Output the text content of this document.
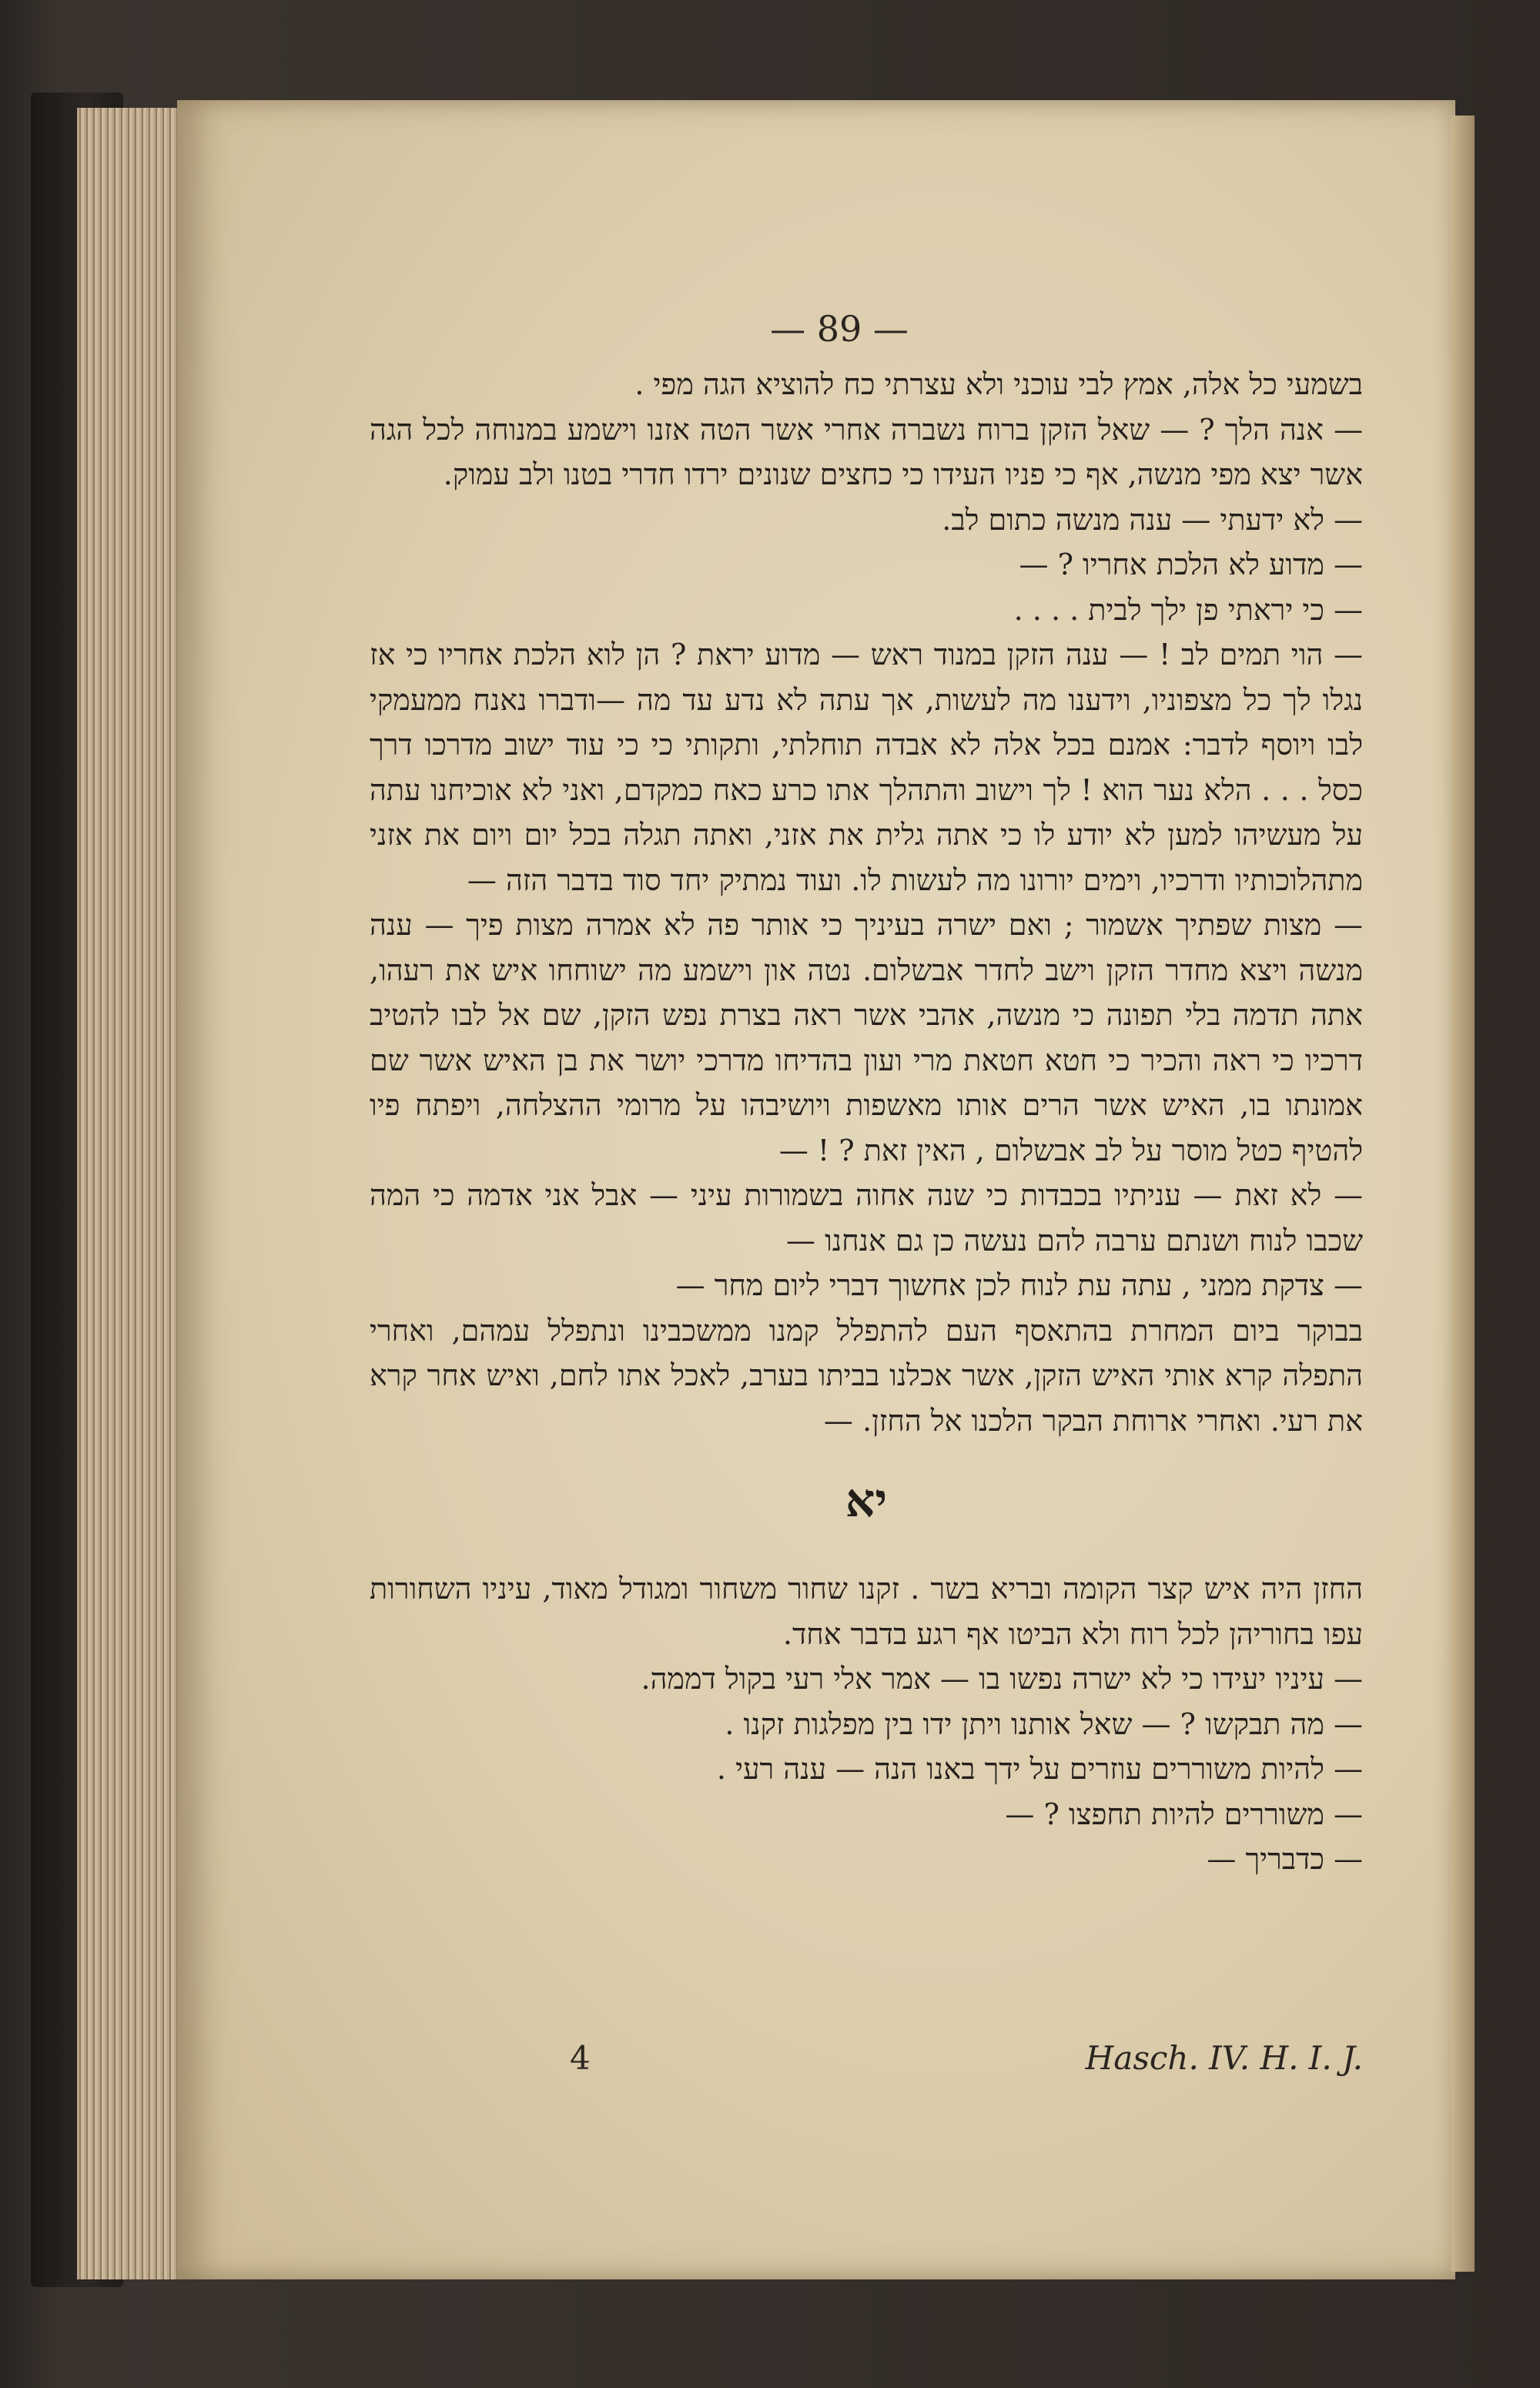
— 89 —

בשמעי כל אלה, אמץ לבי עוכני ולא עצרתי כח להוציא הגה מפי .

— אנה הלך ? — שאל הזקן ברוח נשברה אחרי אשר הטה אזנו וישמע במנוחה לכל הגה אשר יצא מפי מנשה, אף כי פניו העידו כי כחצים שנונים ירדו חדרי בטנו ולב עמוק.

— לא ידעתי — ענה מנשה כתום לב.

— מדוע לא הלכת אחריו ? —

— כי יראתי פן ילך לבית . . . .

— הוי תמים לב ! — ענה הזקן במנוד ראש — מדוע יראת ? הן לוא הלכת אחריו כי אז נגלו לך כל מצפוניו, וידענו מה לעשות, אך עתה לא נדע עד מה —ודברו נאנח ממעמקי לבו ויוסף לדבר: אמנם בכל אלה לא אבדה תוחלתי, ותקותי כי כי עוד ישוב מדרכו דרך כסל . . . הלא נער הוא ! לך וישוב והתהלך אתו כרע כאח כמקדם, ואני לא אוכיחנו עתה על מעשיהו למען לא יודע לו כי אתה גלית את אזני, ואתה תגלה בכל יום ויום את אזני מתהלוכותיו ודרכיו, וימים יורונו מה לעשות לו. ועוד נמתיק יחד סוד בדבר הזה —

— מצות שפתיך אשמור ; ואם ישרה בעיניך כי אותר פה לא אמרה מצות פיך — ענה מנשה ויצא מחדר הזקן וישב לחדר אבשלום. נטה און וישמע מה ישוחחו איש את רעהו, אתה תדמה בלי תפונה כי מנשה, אהבי אשר ראה בצרת נפש הזקן, שם אל לבו להטיב דרכיו כי ראה והכיר כי חטא חטאת מרי ועון בהדיחו מדרכי יושר את בן האיש אשר שם אמונתו בו, האיש אשר הרים אותו מאשפות ויושיבהו על מרומי ההצלחה, ויפתח פיו להטיף כטל מוסר על לב אבשלום , האין זאת ? ! —

— לא זאת — עניתיו בכבדות כי שנה אחוה בשמורות עיני — אבל אני אדמה כי המה שכבו לנוח ושנתם ערבה להם נעשה כן גם אנחנו —

— צדקת ממני , עתה עת לנוח לכן אחשוך דברי ליום מחר —

בבוקר ביום המחרת בהתאסף העם להתפלל קמנו ממשכבינו ונתפלל עמהם, ואחרי התפלה קרא אותי האיש הזקן, אשר אכלנו בביתו בערב, לאכל אתו לחם, ואיש אחר קרא את רעי. ואחרי ארוחת הבקר הלכנו אל החזן. —

יא

החזן היה איש קצר הקומה ובריא בשר . זקנו שחור משחור ומגודל מאוד, עיניו השחורות עפו בחוריהן לכל רוח ולא הביטו אף רגע בדבר אחד.

— עיניו יעידו כי לא ישרה נפשו בו — אמר אלי רעי בקול דממה.

— מה תבקשו ? — שאל אותנו ויתן ידו בין מפלגות זקנו .

— להיות משוררים עוזרים על ידך באנו הנה — ענה רעי .

— משוררים להיות תחפצו ? —

— כדבריך —

4	Hasch. IV. H. I. J.
